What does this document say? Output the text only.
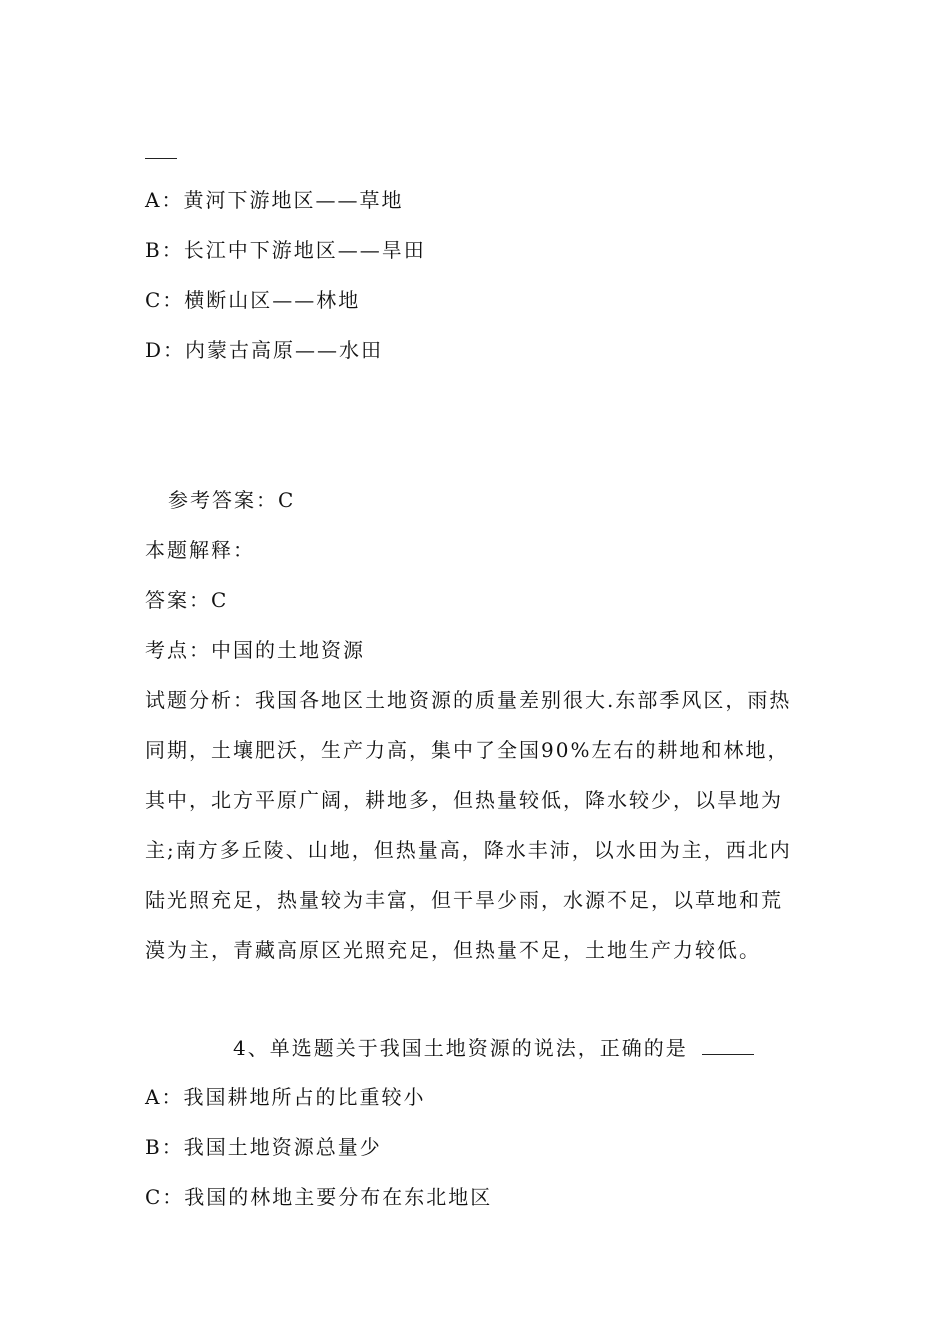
A：黄河下游地区——草地
B：长江中下游地区——旱田
C：横断山区——林地
D：内蒙古高原——水田
参考答案：C
本题解释：
答案：C
考点：中国的土地资源
试题分析：我国各地区土地资源的质量差别很大.东部季风区，雨热
同期，土壤肥沃，生产力高，集中了全国90%左右的耕地和林地，
其中，北方平原广阔，耕地多，但热量较低，降水较少，以旱地为
主;南方多丘陵、山地，但热量高，降水丰沛，以水田为主，西北内
陆光照充足，热量较为丰富，但干旱少雨，水源不足，以草地和荒
漠为主，青藏高原区光照充足，但热量不足，土地生产力较低。
4、单选题关于我国土地资源的说法，正确的是
A：我国耕地所占的比重较小
B：我国土地资源总量少
C：我国的林地主要分布在东北地区
